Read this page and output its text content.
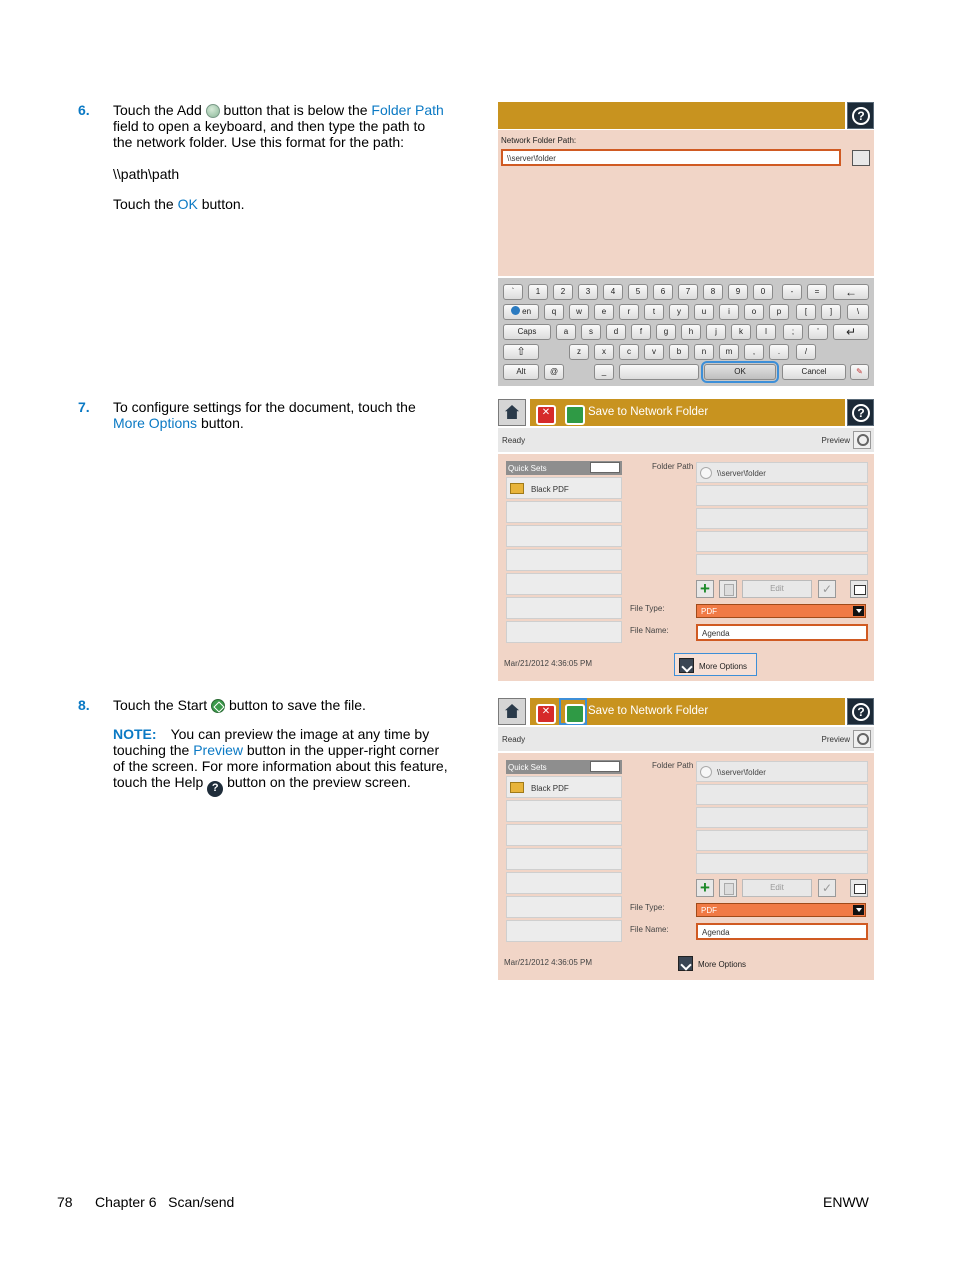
6. Touch the Add button that is below the Folder Path field to open a keyboard, and then type the path to the network folder. Use this format for the path:

\\path\path

Touch the OK button.

7. To configure settings for the document, touch the More Options button.

8. Touch the Start button to save the file.

NOTE: You can preview the image at any time by touching the Preview button in the upper-right corner of the screen. For more information about this feature, touch the Help ? button on the preview screen.

?
Network Folder Path:
\\server\folder
`	1	2	3	4	5	6	7	8	9	0	-	=	←
en	q	w	e	r	t	y	u	i	o	p	[	]	\
Caps	a	s	d	f	g	h	j	k	l	;	'	↵
⇧	z	x	c	v	b	n	m	,	.	/
Alt	@	_	OK	Cancel	✎
Save to Network Folder ✕	?
Ready	Preview
Quick Sets
Black PDF
Folder Path
\\server\folder
+
Edit
✓
File Type:	PDF
File Name:	Agenda
Mar/21/2012 4:36:05 PM	More Options
Save to Network Folder ✕	?
Ready	Preview
Quick Sets
Black PDF
Folder Path
\\server\folder
+
Edit
✓
File Type:	PDF
File Name:	Agenda
Mar/21/2012 4:36:05 PM	More Options
78 Chapter 6   Scan/send	ENWW
